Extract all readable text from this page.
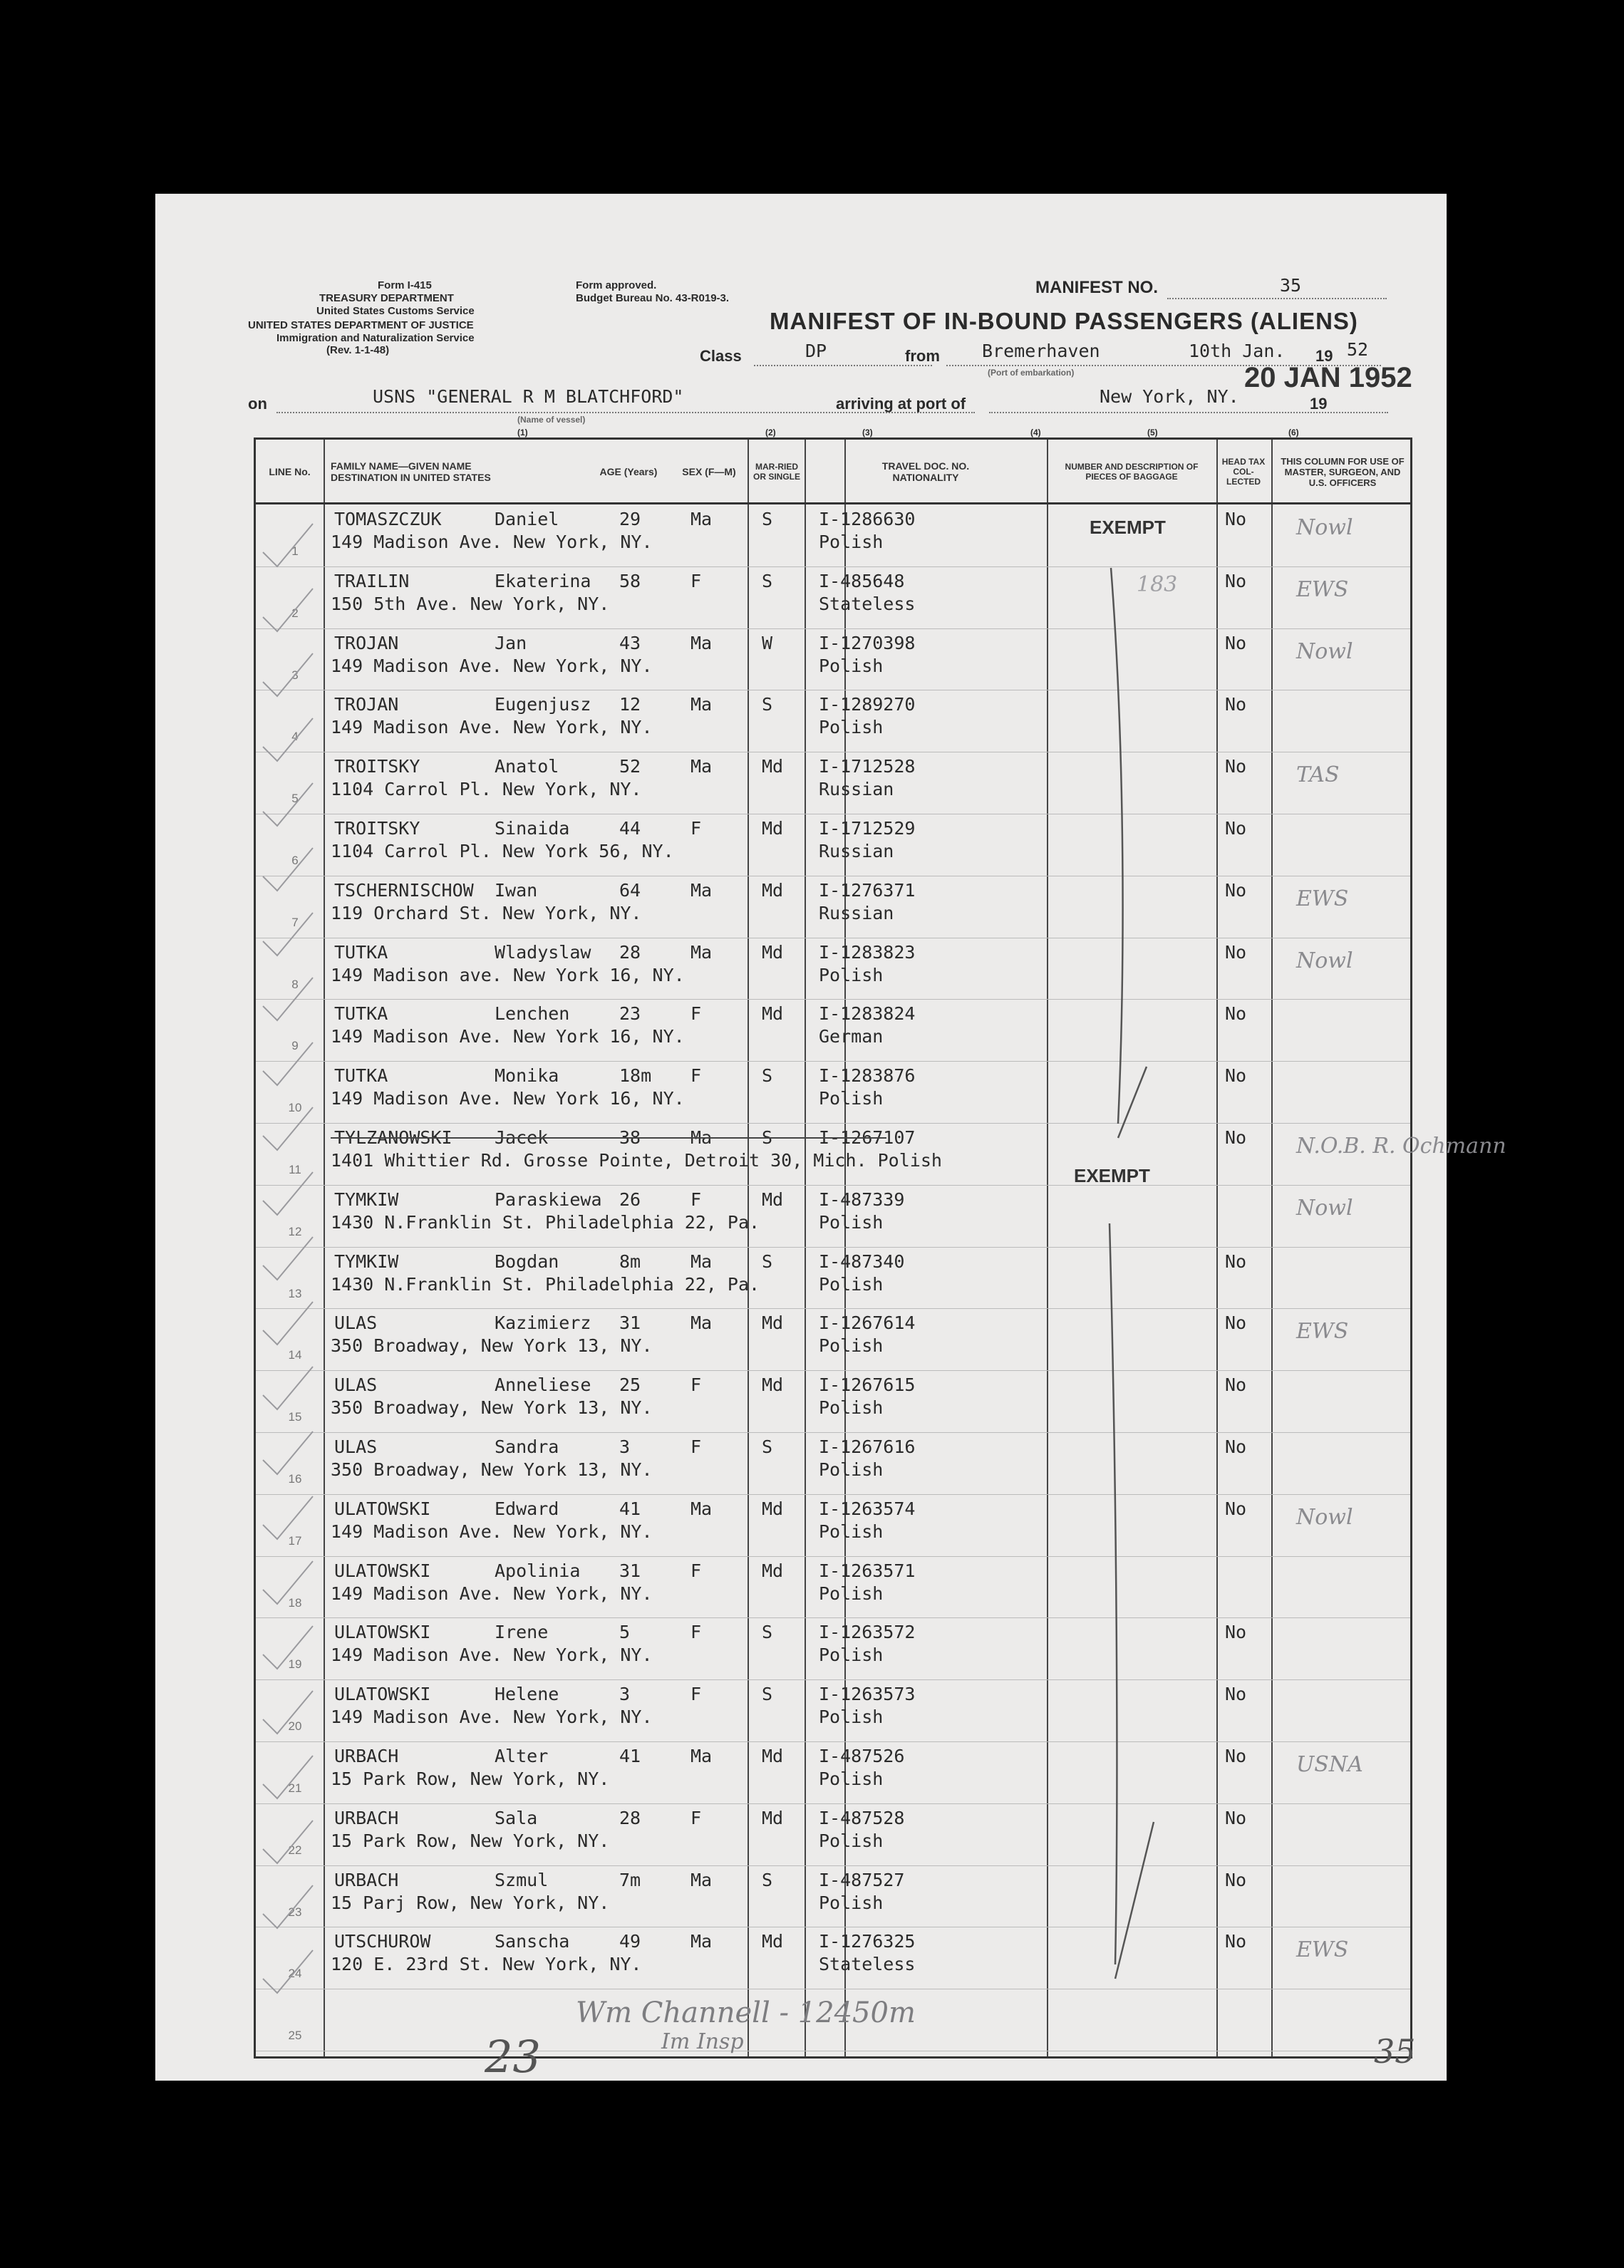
Form I-415
TREASURY DEPARTMENT
United States Customs Service
UNITED STATES DEPARTMENT OF JUSTICE
Immigration and Naturalization Service
(Rev. 1-1-48)
Form approved.
Budget Bureau No. 43-R019-3.
MANIFEST NO.	35
MANIFEST OF IN-BOUND PASSENGERS (ALIENS)
Class	DP	from Bremerhaven	10th Jan. 19 52
(Port of embarkation)
on	USNS "GENERAL R M BLATCHFORD"
(Name of vessel)
arriving at port of	New York, NY.	19
20 JAN 1952
(1)	(2)	(3)	(4)	(5)	(6)
LINE No.	FAMILY NAME—GIVEN NAME
DESTINATION IN UNITED STATES	AGE (Years)	SEX (F—M)	MAR-RIED OR SINGLE
TRAVEL DOC. NO.
NATIONALITY
NUMBER AND DESCRIPTION OF PIECES OF BAGGAGE
HEAD TAX COL-LECTED
THIS COLUMN FOR USE OF MASTER, SURGEON, AND U.S. OFFICERS
1
TOMASZCZUK	Daniel	29	Ma	S	I-1286630
149 Madison Ave. New York, NY.	Polish
No Nowl
2
TRAILIN	Ekaterina 58	F	S	I-485648
150 5th Ave. New York, NY.	Stateless
No EWS
3
TROJAN	Jan	43	Ma	W	I-1270398
149 Madison Ave. New York, NY.	Polish
No Nowl
4
TROJAN	Eugenjusz 12	Ma	S	I-1289270
149 Madison Ave. New York, NY.	Polish
No
5
TROITSKY	Anatol	52	Ma	Md I-1712528
1104 Carrol Pl. New York, NY.	Russian
No TAS
6
TROITSKY	Sinaida	44	F	Md I-1712529
1104 Carrol Pl. New York 56, NY.	Russian
No
7
TSCHERNISCHOW Iwan	64	Ma	Md I-1276371
119 Orchard St. New York, NY.	Russian
No EWS
8
TUTKA	Wladyslaw 28	Ma	Md I-1283823
149 Madison ave. New York 16, NY.	Polish
No Nowl
9
TUTKA	Lenchen	23	F	Md I-1283824
149 Madison Ave. New York 16, NY.	German
No
10
TUTKA	Monika	18m F	S	I-1283876
149 Madison Ave. New York 16, NY.	Polish
No
11
TYLZANOWSKI Jacek	38	Ma	S	I-1267107
1401 Whittier Rd. Grosse Pointe, Detroit 30, Mich. Polish
No N.O.B. R. Ochmann
12
TYMKIW	Paraskiewa 26	F	Md I-487339
1430 N.Franklin St. Philadelphia 22, Pa.	Polish
Nowl
13
TYMKIW	Bogdan	8m	Ma	S	I-487340
1430 N.Franklin St. Philadelphia 22, Pa.	Polish
No
14
ULAS	Kazimierz 31	Ma	Md I-1267614
350 Broadway, New York 13, NY.	Polish
No EWS
15
ULAS	Anneliese 25	F	Md I-1267615
350 Broadway, New York 13, NY.	Polish
No
16
ULAS	Sandra	3	F	S	I-1267616
350 Broadway, New York 13, NY.	Polish
No
17
ULATOWSKI	Edward	41	Ma	Md I-1263574
149 Madison Ave. New York, NY.	Polish
No Nowl
18
ULATOWSKI	Apolinia 31	F	Md I-1263571
149 Madison Ave. New York, NY.	Polish
19
ULATOWSKI	Irene	5	F	S	I-1263572
149 Madison Ave. New York, NY.	Polish
No
20
ULATOWSKI	Helene	3	F	S	I-1263573
149 Madison Ave. New York, NY.	Polish
No
21
URBACH	Alter	41	Ma	Md I-487526
15 Park Row, New York, NY.	Polish
No USNA
22
URBACH	Sala	28	F	Md I-487528
15 Park Row, New York, NY.	Polish
No
23
URBACH	Szmul	7m	Ma	S	I-487527
15 Parj Row, New York, NY.	Polish
No
24
UTSCHUROW	Sanscha	49	Ma	Md I-1276325
120 E. 23rd St. New York, NY.	Stateless
No EWS
25
EXEMPT
EXEMPT
183
23
Wm Channell - 12450m
Im Insp	35
